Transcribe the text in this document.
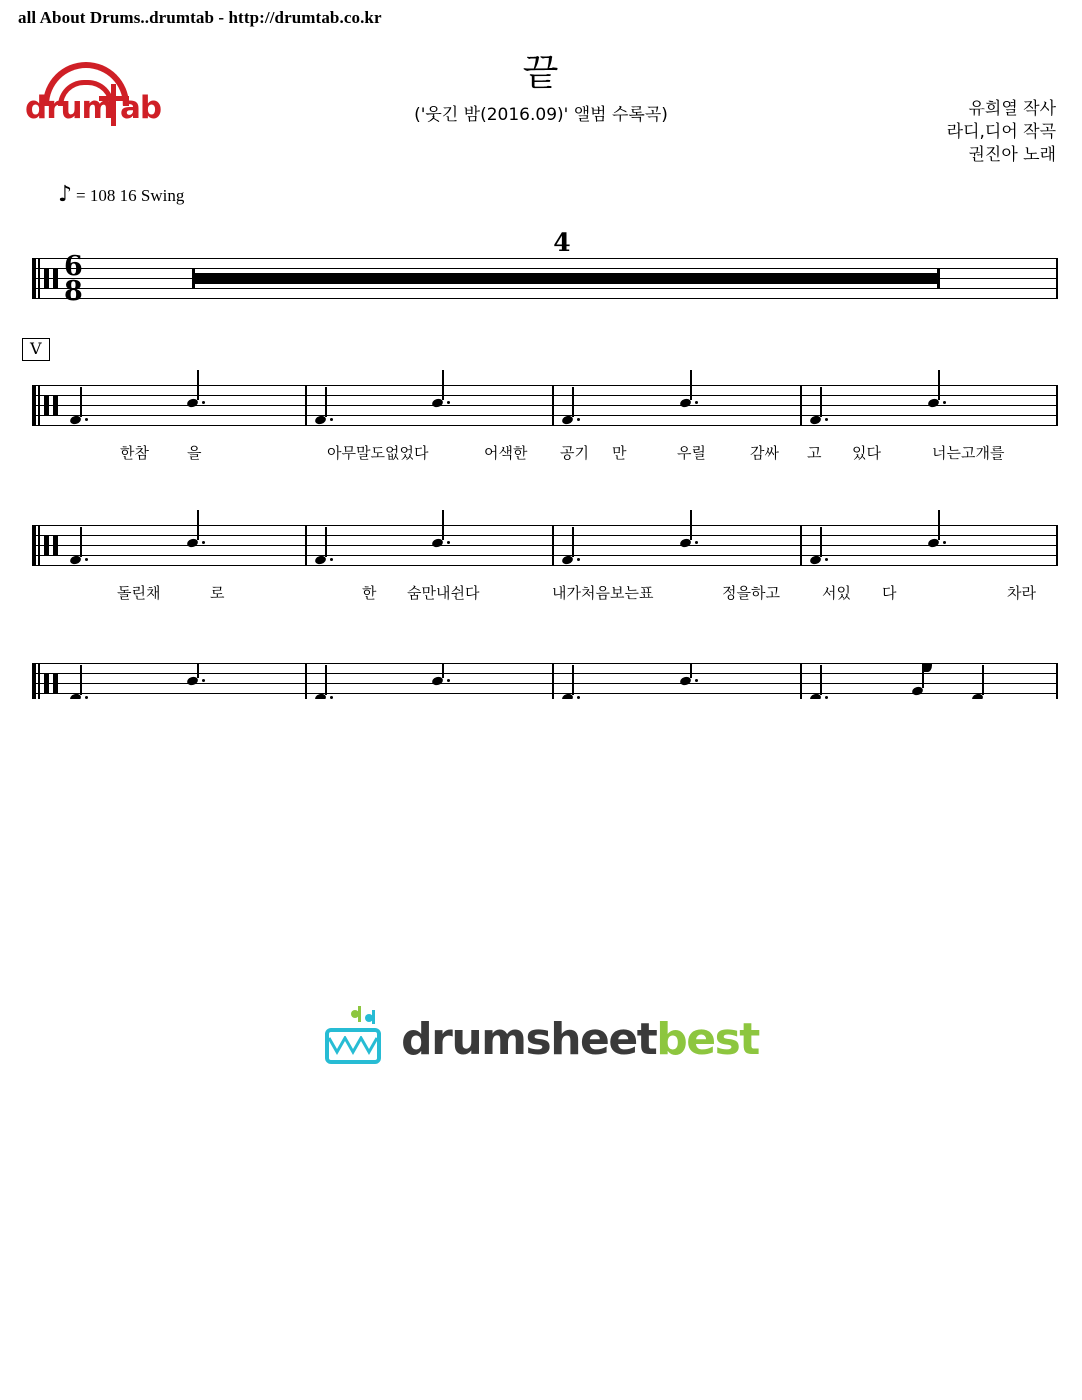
all About Drums..drumtab - http://drumtab.co.kr
drum ab
끝
('웃긴 밤(2016.09)' 앨범 수록곡)	유희열 작사
라디,디어 작곡
권진아 노래
♪ = 108 16 Swing
6
8
4
V
한참	을	아무말도없었다	어색한 공기 만	우릴	감싸 고 있다	너는고개를
돌린채	로	한 숨만내쉰다	내가처음보는표	정을하고	서있 다	차라
drumsheetbest
